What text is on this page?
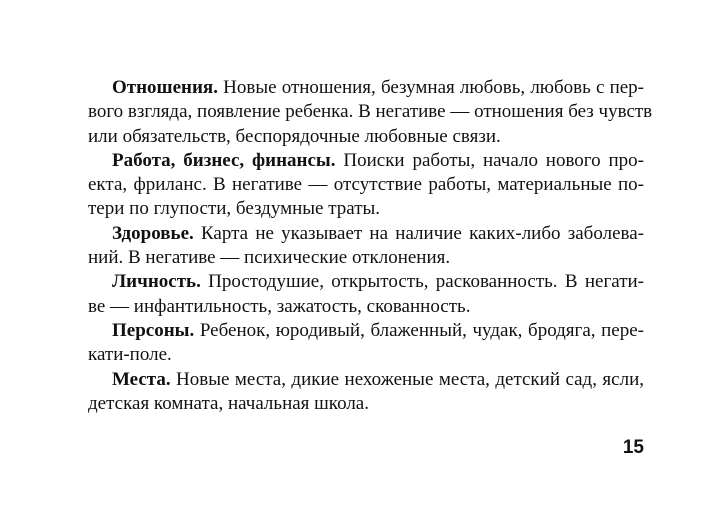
Отношения. Новые отношения, безумная любовь, любовь с пер-
вого взгляда, появление ребенка. В негативе — отношения без чувств
или обязательств, беспорядочные любовные связи.
Работа, бизнес, финансы. Поиски работы, начало нового про-
екта, фриланс. В негативе — отсутствие работы, материальные по-
тери по глупости, бездумные траты.
Здоровье. Карта не указывает на наличие каких-либо заболева-
ний. В негативе — психические отклонения.
Личность. Простодушие, открытость, раскованность. В негати-
ве — инфантильность, зажатость, скованность.
Персоны. Ребенок, юродивый, блаженный, чудак, бродяга, пере-
кати-поле.
Места. Новые места, дикие нехоженые места, детский сад, ясли,
детская комната, начальная школа.
15
